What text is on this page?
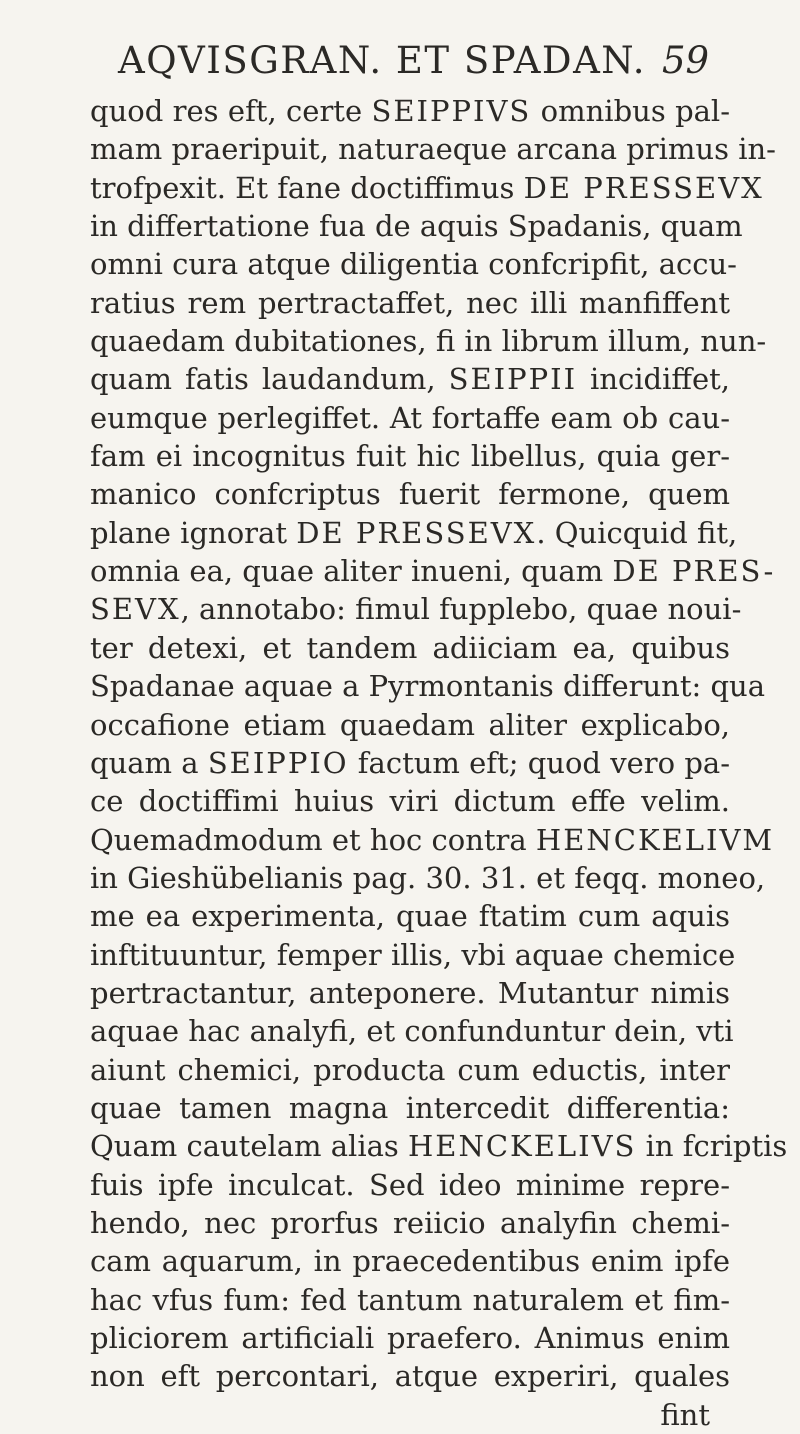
AQVISGRAN. ET SPADAN. 59
quod res eft, certe SEIPPIVS omnibus pal-
mam praeripuit, naturaeque arcana primus in-
trofpexit. Et fane doctiffimus DE PRESSEVX
in differtatione fua de aquis Spadanis, quam
omni cura atque diligentia confcripfit, accu-
ratius rem pertractaffet, nec illi manfiffent
quaedam dubitationes, fi in librum illum, nun-
quam fatis laudandum, SEIPPII incidiffet,
eumque perlegiffet. At fortaffe eam ob cau-
fam ei incognitus fuit hic libellus, quia ger-
manico confcriptus fuerit fermone, quem
plane ignorat DE PRESSEVX. Quicquid fit,
omnia ea, quae aliter inueni, quam DE PRES-
SEVX, annotabo: fimul fupplebo, quae noui-
ter detexi, et tandem adiiciam ea, quibus
Spadanae aquae a Pyrmontanis differunt: qua
occafione etiam quaedam aliter explicabo,
quam a SEIPPIO factum eft; quod vero pa-
ce doctiffimi huius viri dictum effe velim.
Quemadmodum et hoc contra HENCKELIVM
in Gieshübelianis pag. 30. 31. et feqq. moneo,
me ea experimenta, quae ftatim cum aquis
inftituuntur, femper illis, vbi aquae chemice
pertractantur, anteponere. Mutantur nimis
aquae hac analyfi, et confunduntur dein, vti
aiunt chemici, producta cum eductis, inter
quae tamen magna intercedit differentia:
Quam cautelam alias HENCKELIVS in fcriptis
fuis ipfe inculcat. Sed ideo minime repre-
hendo, nec prorfus reiicio analyfin chemi-
cam aquarum, in praecedentibus enim ipfe
hac vfus fum: fed tantum naturalem et fim-
pliciorem artificiali praefero. Animus enim
non eft percontari, atque experiri, quales
fint
